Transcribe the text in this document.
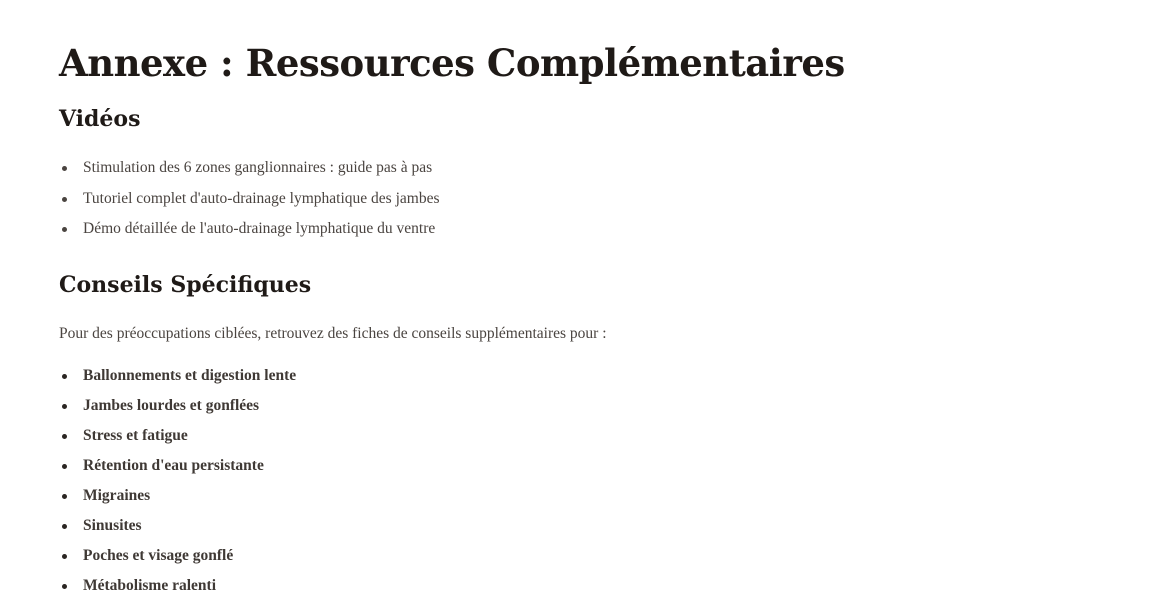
Annexe : Ressources Complémentaires
Vidéos
Stimulation des 6 zones ganglionnaires : guide pas à pas
Tutoriel complet d'auto-drainage lymphatique des jambes
Démo détaillée de l'auto-drainage lymphatique du ventre
Conseils Spécifiques

Pour des préoccupations ciblées, retrouvez des fiches de conseils supplémentaires pour :

Ballonnements et digestion lente
Jambes lourdes et gonflées
Stress et fatigue
Rétention d'eau persistante
Migraines
Sinusites
Poches et visage gonflé
Métabolisme ralenti
